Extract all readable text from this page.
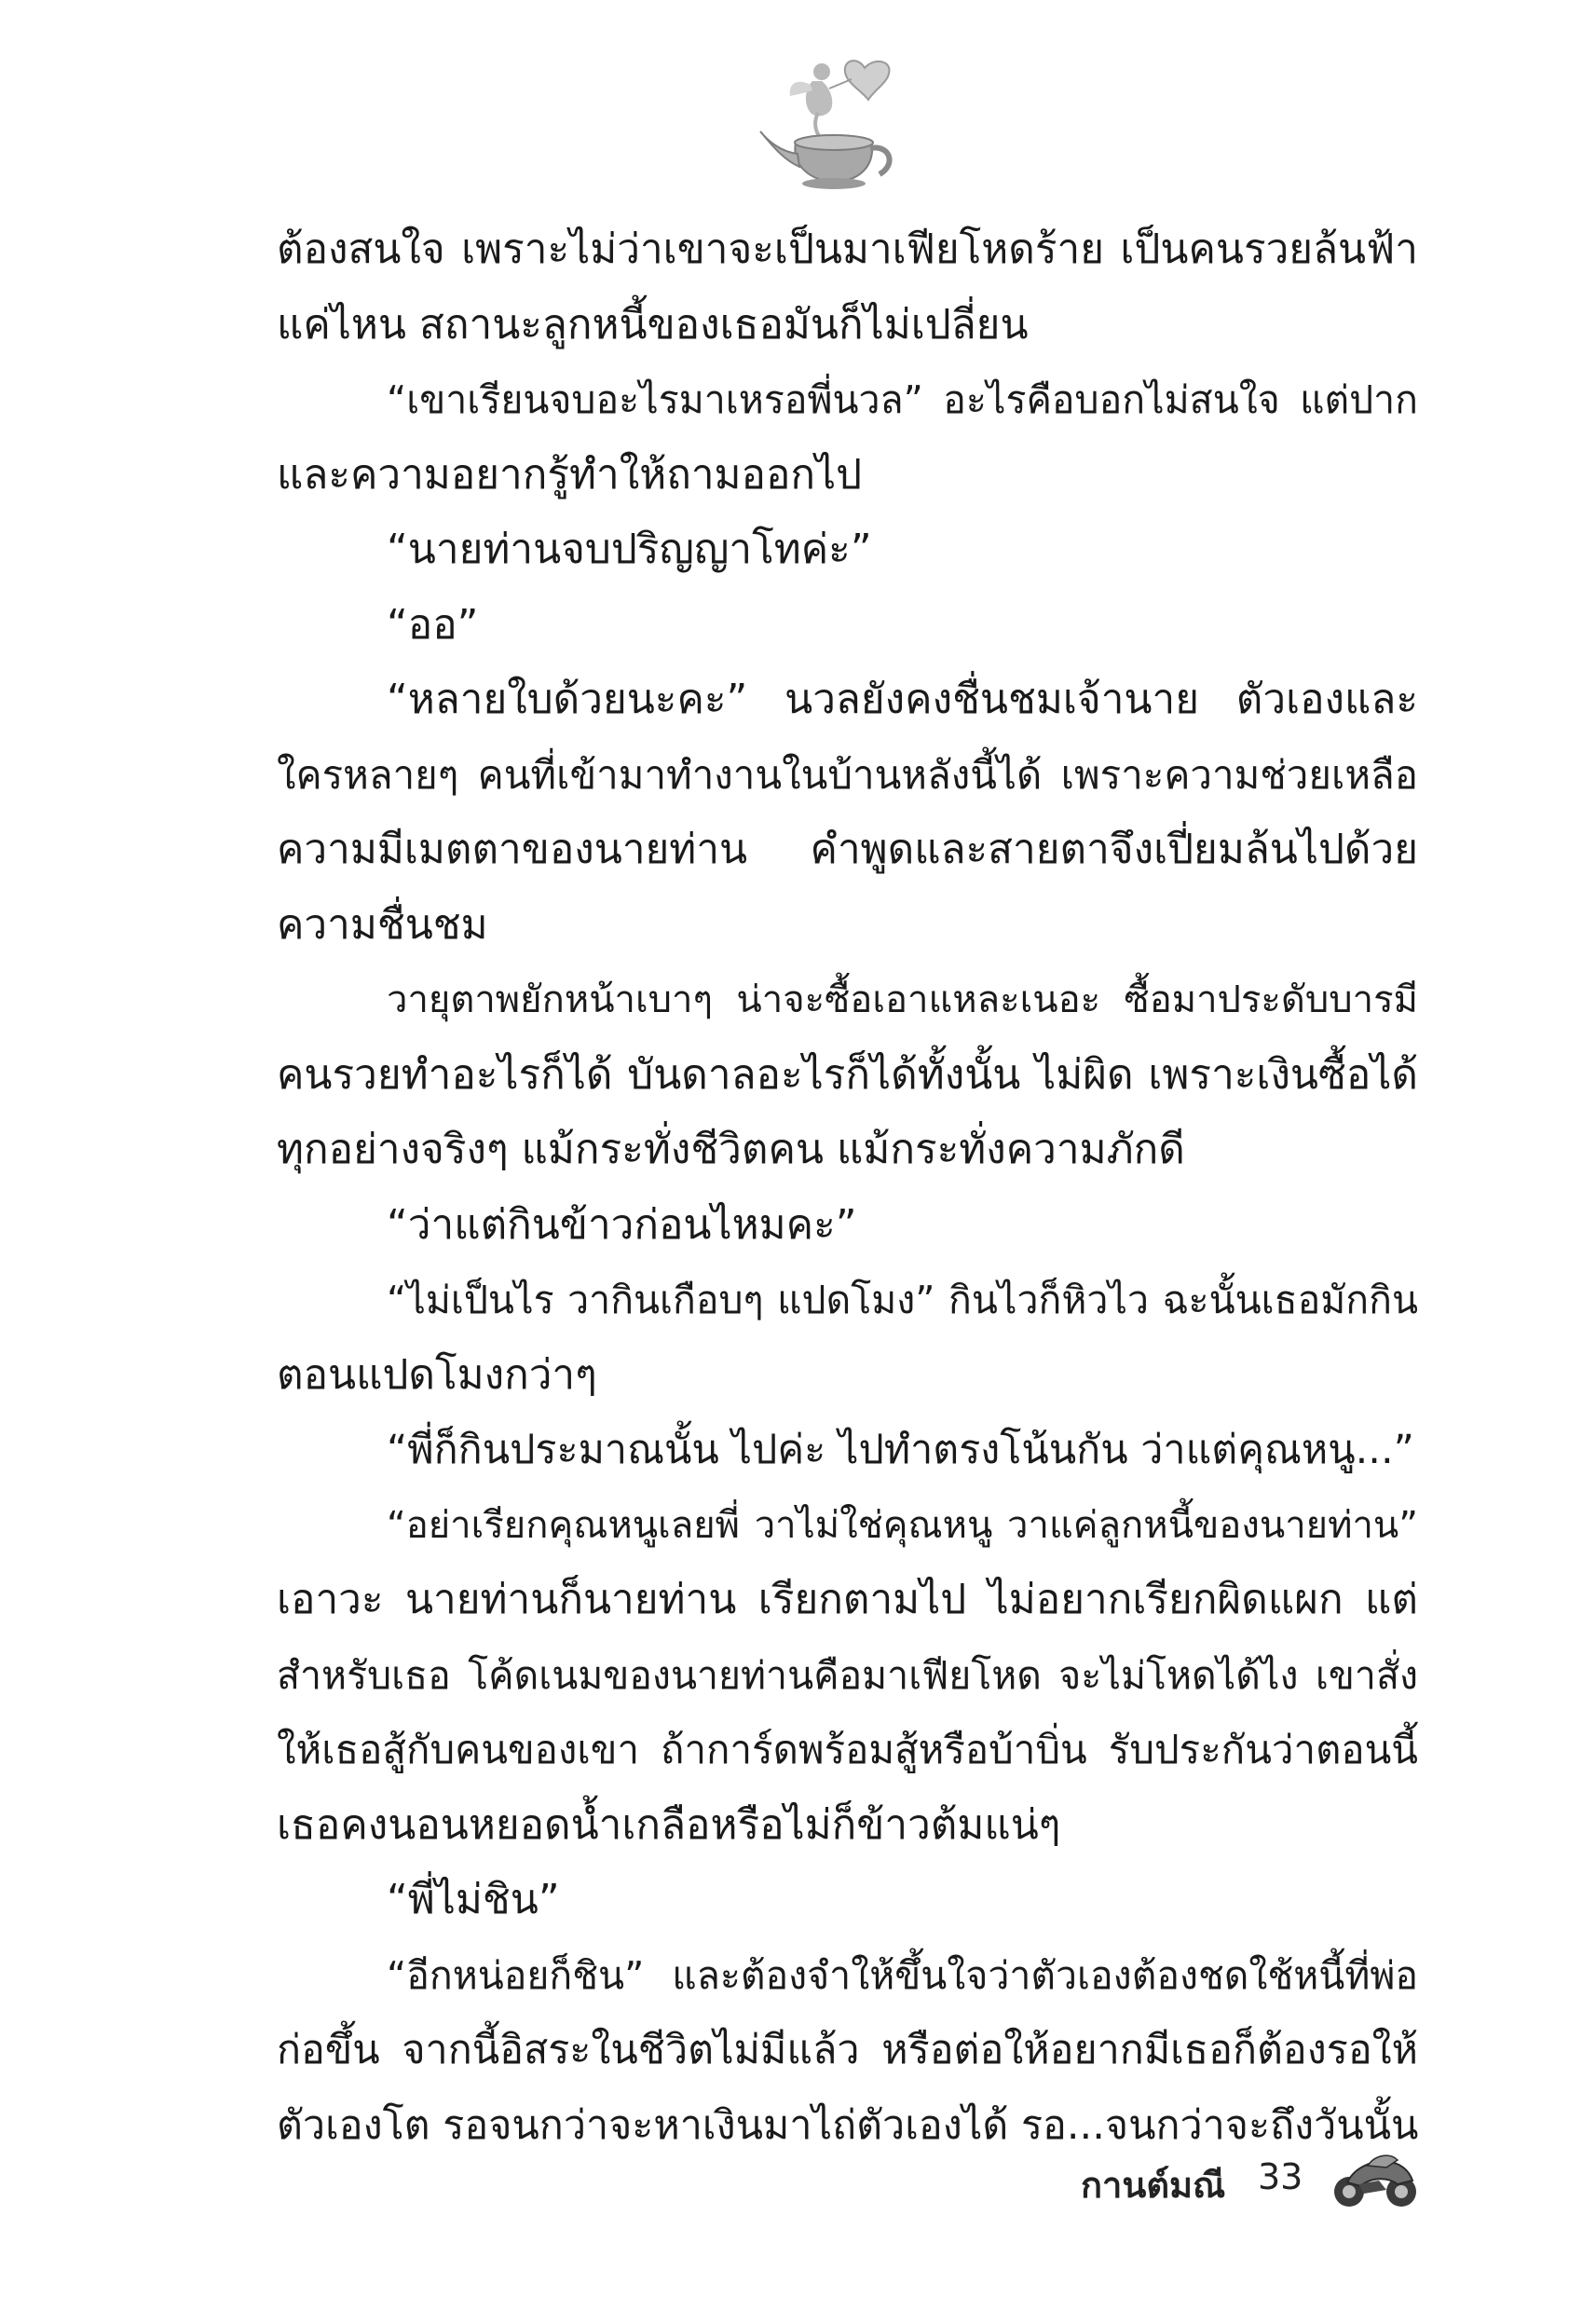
ต้องสนใจ เพราะไม่ว่าเขาจะเป็นมาเฟียโหดร้าย เป็นคนรวยล้นฟ้า
แค่ไหน สถานะลูกหนี้ของเธอมันก็ไม่เปลี่ยน
“เขาเรียนจบอะไรมาเหรอพี่นวล” อะไรคือบอกไม่สนใจ แต่ปาก
และความอยากรู้ทำให้ถามออกไป
“นายท่านจบปริญญาโทค่ะ”
“ออ”
“หลายใบด้วยนะคะ” นวลยังคงชื่นชมเจ้านาย ตัวเองและ
ใครหลายๆ คนที่เข้ามาทำงานในบ้านหลังนี้ได้ เพราะความช่วยเหลือ
ความมีเมตตาของนายท่าน คำพูดและสายตาจึงเปี่ยมล้นไปด้วย
ความชื่นชม
วายุตาพยักหน้าเบาๆ น่าจะซื้อเอาแหละเนอะ ซื้อมาประดับบารมี
คนรวยทำอะไรก็ได้ บันดาลอะไรก็ได้ทั้งนั้น ไม่ผิด เพราะเงินซื้อได้
ทุกอย่างจริงๆ แม้กระทั่งชีวิตคน แม้กระทั่งความภักดี
“ว่าแต่กินข้าวก่อนไหมคะ”
“ไม่เป็นไร วากินเกือบๆ แปดโมง” กินไวก็หิวไว ฉะนั้นเธอมักกิน
ตอนแปดโมงกว่าๆ
“พี่ก็กินประมาณนั้น ไปค่ะ ไปทำตรงโน้นกัน ว่าแต่คุณหนู...”
“อย่าเรียกคุณหนูเลยพี่ วาไม่ใช่คุณหนู วาแค่ลูกหนี้ของนายท่าน”
เอาวะ นายท่านก็นายท่าน เรียกตามไป ไม่อยากเรียกผิดแผก แต่
สำหรับเธอ โค้ดเนมของนายท่านคือมาเฟียโหด จะไม่โหดได้ไง เขาสั่ง
ให้เธอสู้กับคนของเขา ถ้าการ์ดพร้อมสู้หรือบ้าบิ่น รับประกันว่าตอนนี้
เธอคงนอนหยอดน้ำเกลือหรือไม่ก็ข้าวต้มแน่ๆ
“พี่ไม่ชิน”
“อีกหน่อยก็ชิน” และต้องจำให้ขึ้นใจว่าตัวเองต้องชดใช้หนี้ที่พ่อ
ก่อขึ้น จากนี้อิสระในชีวิตไม่มีแล้ว หรือต่อให้อยากมีเธอก็ต้องรอให้
ตัวเองโต รอจนกว่าจะหาเงินมาไถ่ตัวเองได้ รอ...จนกว่าจะถึงวันนั้น
กานต์มณี 33
